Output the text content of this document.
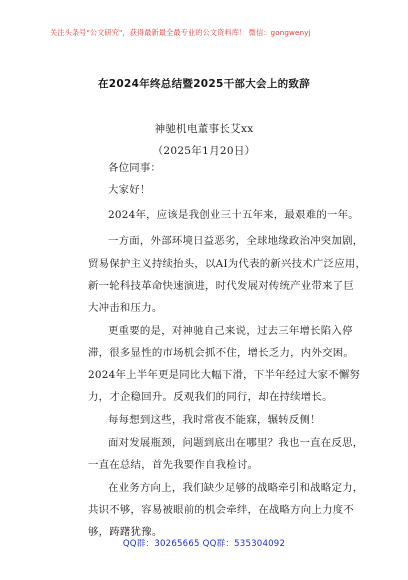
关注头条号"公文研究"，获得最新最全最专业的公文资料库！ 微信：gongwenyj
在2024年终总结暨2025干部大会上的致辞
神驰机电董事长艾xx
（2025年1月20日）
各位同事：
大家好！
2024年，应该是我创业三十五年来，最艰难的一年。
一方面，外部环境日益恶劣，全球地缘政治冲突加剧，
贸易保护主义持续抬头，以AI为代表的新兴技术广泛应用，
新一轮科技革命快速演进，时代发展对传统产业带来了巨
大冲击和压力。
更重要的是，对神驰自己来说，过去三年增长陷入停
滞，很多显性的市场机会抓不住，增长乏力，内外交困。
2024年上半年更是同比大幅下滑，下半年经过大家不懈努
力，才企稳回升。反观我们的同行，却在持续增长。
每每想到这些，我时常夜不能寐，辗转反侧！
面对发展瓶颈，问题到底出在哪里？我也一直在反思，
一直在总结，首先我要作自我检讨。
在业务方向上，我们缺少足够的战略牵引和战略定力，
共识不够，容易被眼前的机会牵绊，在战略方向上力度不
够，踌躇犹豫。
QQ群：30265665 QQ群：535304092
